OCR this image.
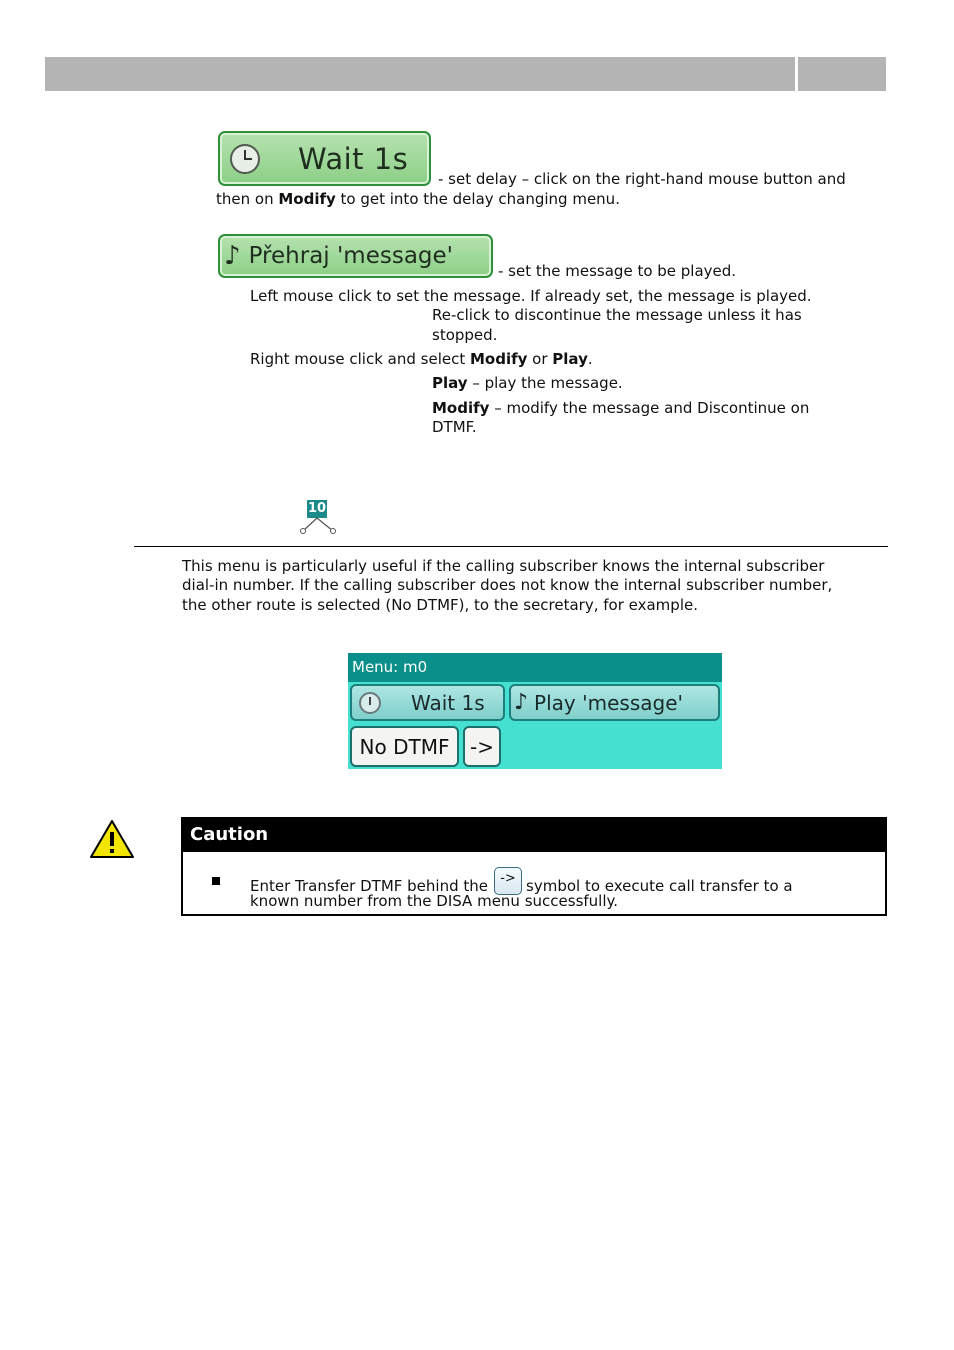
Wait 1s
- set delay – click on the right-hand mouse button and
then on Modify to get into the delay changing menu.
♪ Přehraj 'message'
- set the message to be played.
Left mouse click to set the message. If already set, the message is played.
Re-click to discontinue the message unless it has
stopped.
Right mouse click and select Modify or Play.
Play – play the message.
Modify – modify the message and Discontinue on
DTMF.
10
This menu is particularly useful if the calling subscriber knows the internal subscriber
dial-in number. If the calling subscriber does not know the internal subscriber number,
the other route is selected (No DTMF), to the secretary, for example.
Menu: m0
Wait 1s ♪ Play 'message'
No DTMF ->
Caution
Enter Transfer DTMF behind the -> symbol to execute call transfer to a
known number from the DISA menu successfully.
